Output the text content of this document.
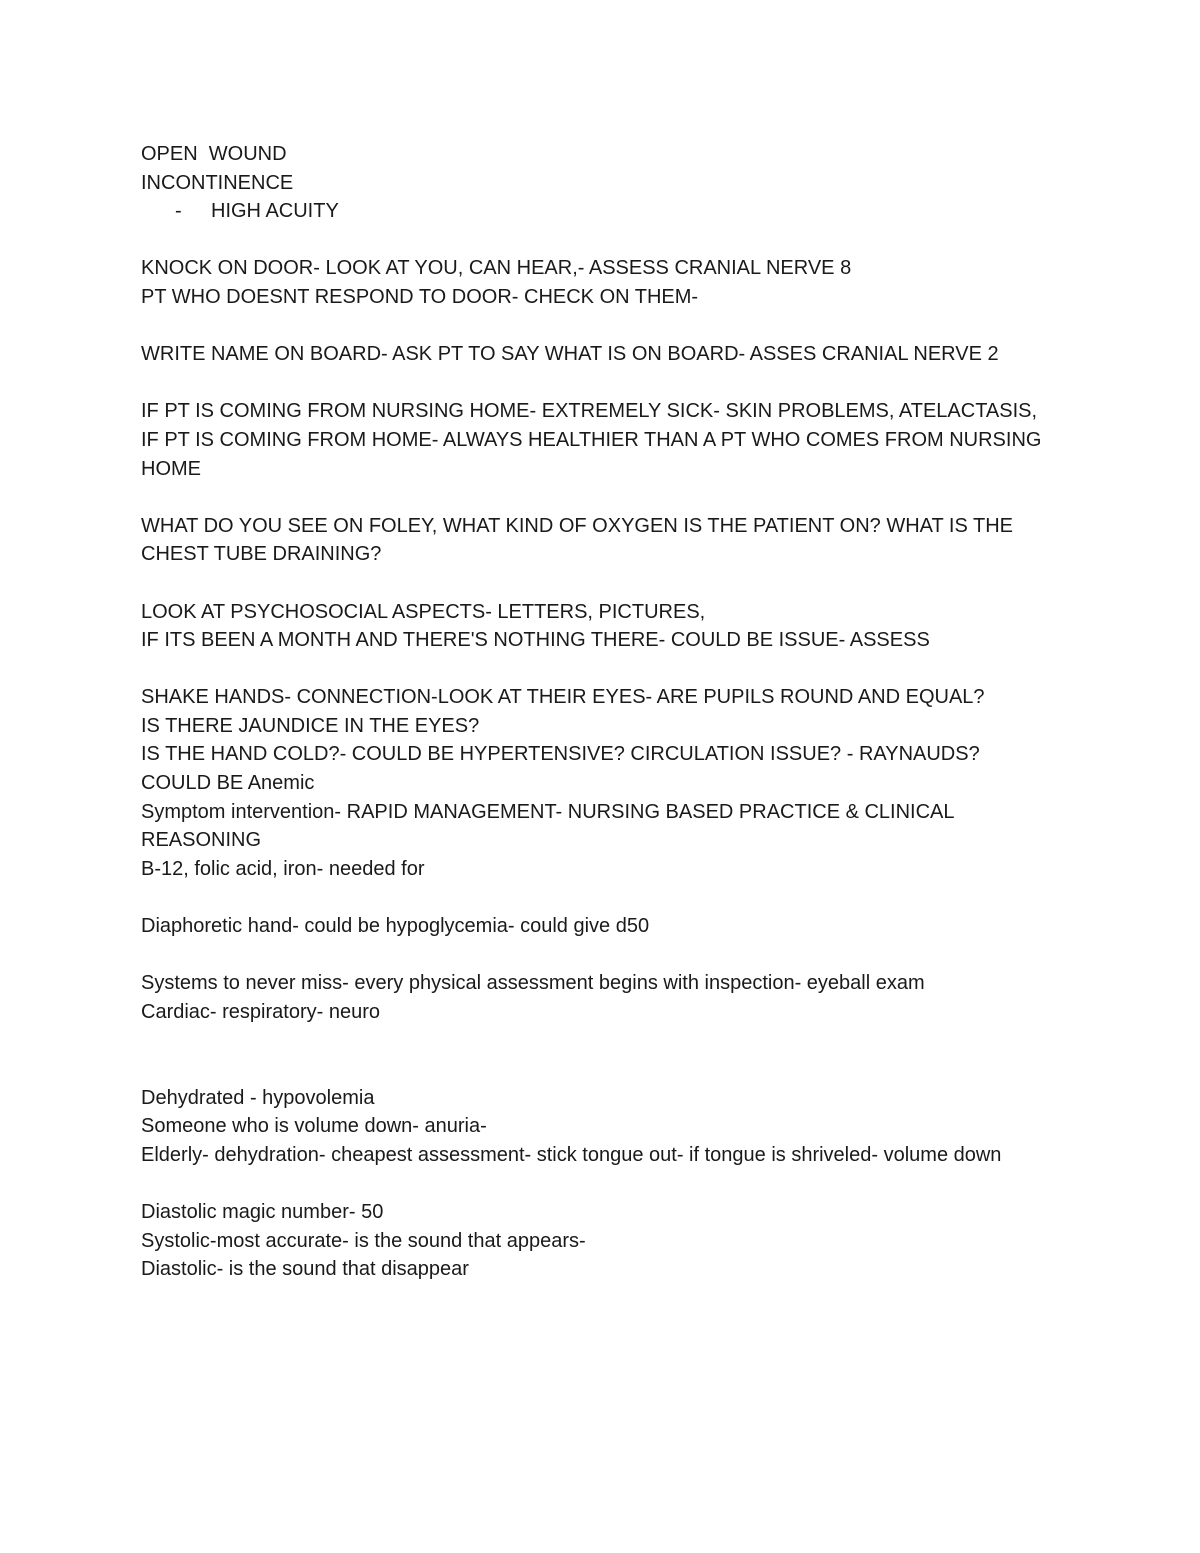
OPEN  WOUND
INCONTINENCE
- HIGH ACUITY
KNOCK ON DOOR- LOOK AT YOU, CAN HEAR,- ASSESS CRANIAL NERVE 8
PT WHO DOESNT RESPOND TO DOOR- CHECK ON THEM-
WRITE NAME ON BOARD- ASK PT TO SAY WHAT IS ON BOARD- ASSES CRANIAL NERVE 2
IF PT IS COMING FROM NURSING HOME- EXTREMELY SICK- SKIN PROBLEMS, ATELACTASIS,
IF PT IS COMING FROM HOME- ALWAYS HEALTHIER THAN A PT WHO COMES FROM NURSING HOME
WHAT DO YOU SEE ON FOLEY, WHAT KIND OF OXYGEN IS THE PATIENT ON? WHAT IS THE CHEST TUBE DRAINING?
LOOK AT PSYCHOSOCIAL ASPECTS- LETTERS, PICTURES,
IF ITS BEEN A MONTH AND THERE'S NOTHING THERE- COULD BE ISSUE- ASSESS
SHAKE HANDS- CONNECTION-LOOK AT THEIR EYES- ARE PUPILS ROUND AND EQUAL?
IS THERE JAUNDICE IN THE EYES?
IS THE HAND COLD?- COULD BE HYPERTENSIVE? CIRCULATION ISSUE? - RAYNAUDS?
COULD BE Anemic
Symptom intervention- RAPID MANAGEMENT- NURSING BASED PRACTICE & CLINICAL REASONING
B-12, folic acid, iron- needed for
Diaphoretic hand- could be hypoglycemia- could give d50
Systems to never miss- every physical assessment begins with inspection- eyeball exam
Cardiac- respiratory- neuro
Dehydrated - hypovolemia
Someone who is volume down- anuria-
Elderly- dehydration- cheapest assessment- stick tongue out- if tongue is shriveled- volume down
Diastolic magic number- 50
Systolic-most accurate- is the sound that appears-
Diastolic- is the sound that disappear
